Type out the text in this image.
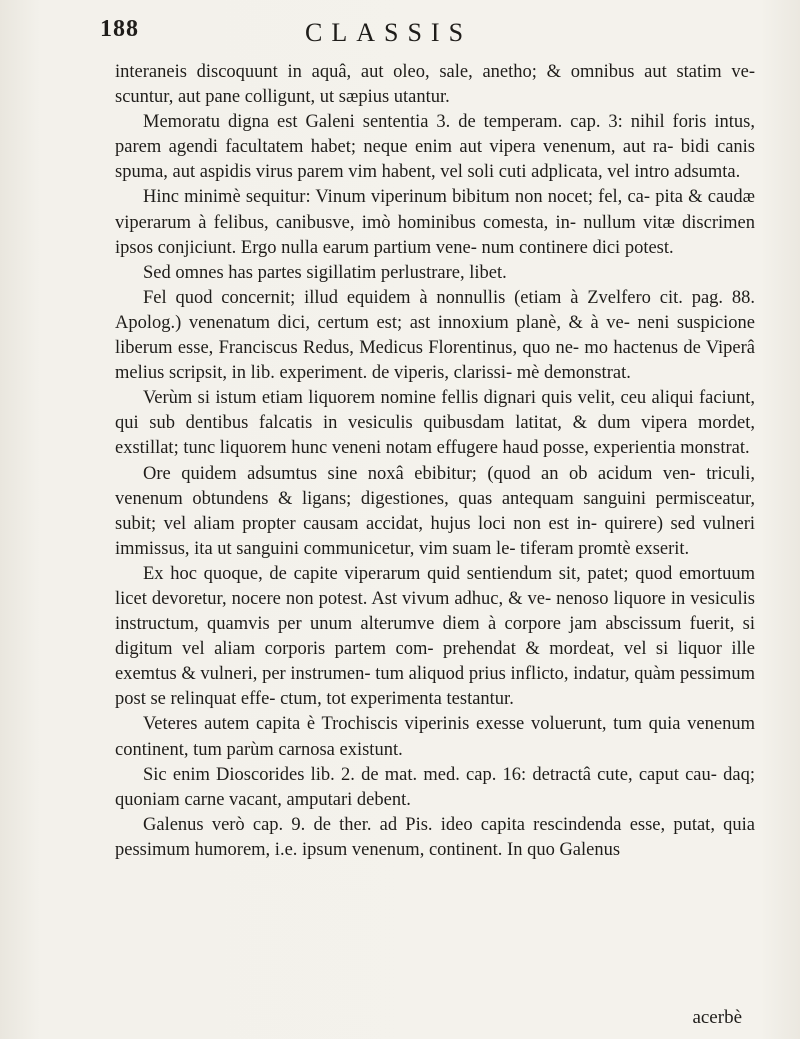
188	CLASSIS

interaneis discoquunt in aquâ, aut oleo, sale, anetho; & omnibus aut statim ve- scuntur, aut pane colligunt, ut sæpius utantur.

Memoratu digna est Galeni sententia 3. de temperam. cap. 3: nihil foris intus, parem agendi facultatem habet; neque enim aut vipera venenum, aut ra- bidi canis spuma, aut aspidis virus parem vim habent, vel soli cuti adplicata, vel intro adsumta.

Hinc minimè sequitur: Vinum viperinum bibitum non nocet; fel, ca- pita & caudæ viperarum à felibus, canibusve, imò hominibus comesta, in- nullum vitæ discrimen ipsos conjiciunt. Ergo nulla earum partium vene- num continere dici potest.

Sed omnes has partes sigillatim perlustrare, libet.

Fel quod concernit; illud equidem à nonnullis (etiam à Zvelfero cit. pag. 88. Apolog.) venenatum dici, certum est; ast innoxium planè, & à ve- neni suspicione liberum esse, Franciscus Redus, Medicus Florentinus, quo ne- mo hactenus de Viperâ melius scripsit, in lib. experiment. de viperis, clarissi- mè demonstrat.

Verùm si istum etiam liquorem nomine fellis dignari quis velit, ceu aliqui faciunt, qui sub dentibus falcatis in vesiculis quibusdam latitat, & dum vipera mordet, exstillat; tunc liquorem hunc veneni notam effugere haud posse, experientia monstrat.

Ore quidem adsumtus sine noxâ ebibitur; (quod an ob acidum ven- triculi, venenum obtundens & ligans; digestiones, quas antequam sanguini permisceatur, subit; vel aliam propter causam accidat, hujus loci non est in- quirere) sed vulneri immissus, ita ut sanguini communicetur, vim suam le- tiferam promtè exserit.

Ex hoc quoque, de capite viperarum quid sentiendum sit, patet; quod emortuum licet devoretur, nocere non potest. Ast vivum adhuc, & ve- nenoso liquore in vesiculis instructum, quamvis per unum alterumve diem à corpore jam abscissum fuerit, si digitum vel aliam corporis partem com- prehendat & mordeat, vel si liquor ille exemtus & vulneri, per instrumen- tum aliquod prius inflicto, indatur, quàm pessimum post se relinquat effe- ctum, tot experimenta testantur.

Veteres autem capita è Trochiscis viperinis exesse voluerunt, tum quia venenum continent, tum parùm carnosa existunt.

Sic enim Dioscorides lib. 2. de mat. med. cap. 16: detractâ cute, caput cau- daq; quoniam carne vacant, amputari debent.

Galenus verò cap. 9. de ther. ad Pis. ideo capita rescindenda esse, putat, quia pessimum humorem, i.e. ipsum venenum, continent. In quo Galenus

acerbè
